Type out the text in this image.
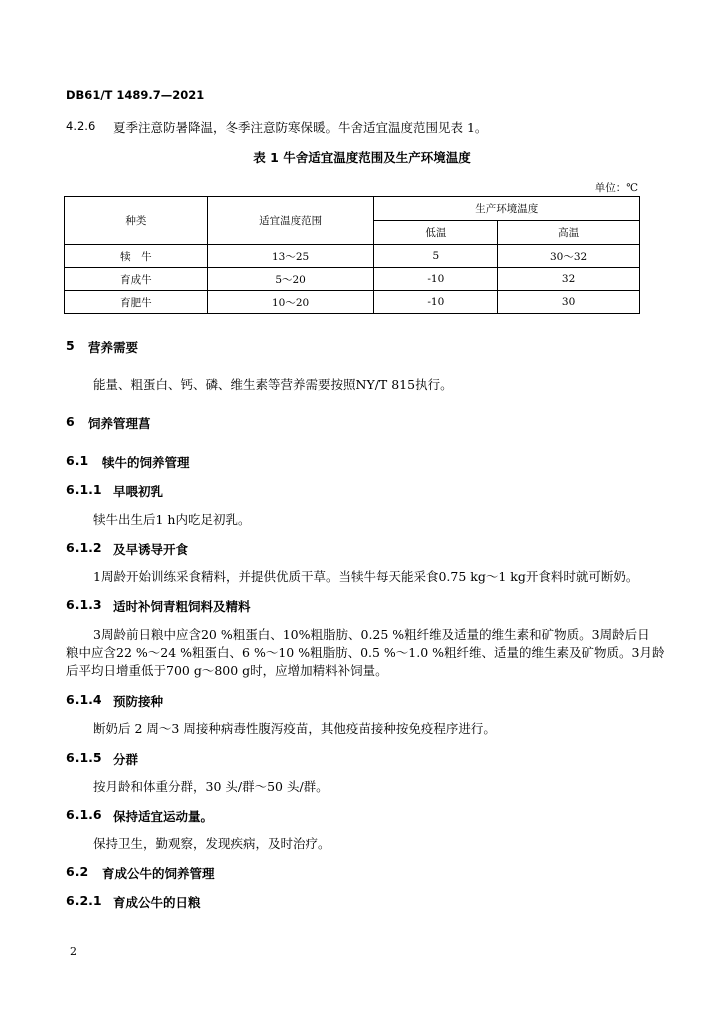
DB61/T 1489.7—2021
4.2.6 夏季注意防暑降温，冬季注意防寒保暖。牛舍适宜温度范围见表 1。
表 1 牛舍适宜温度范围及生产环境温度
单位：℃
种类	适宜温度范围	生产环境温度	
		低温	高温
犊　牛	13～25	5	30～32
育成牛	5～20	-10	32
育肥牛	10～20	-10	30
5 营养需要
能量、粗蛋白、钙、磷、维生素等营养需要按照NY/T 815执行。
6 饲养管理菖
6.1 犊牛的饲养管理
6.1.1 早喂初乳
犊牛出生后1 h内吃足初乳。
6.1.2 及早诱导开食
1周龄开始训练采食精料，并提供优质干草。当犊牛每天能采食0.75 kg～1 kg开食料时就可断奶。
6.1.3 适时补饲青粗饲料及精料
3周龄前日粮中应含20 %粗蛋白、10%粗脂肪、0.25 %粗纤维及适量的维生素和矿物质。3周龄后日
粮中应含22 %～24 %粗蛋白、6 %～10 %粗脂肪、0.5 %～1.0 %粗纤维、适量的维生素及矿物质。3月龄
后平均日增重低于700 g～800 g时，应增加精料补饲量。
6.1.4 预防接种
断奶后 2 周～3 周接种病毒性腹泻疫苗，其他疫苗接种按免疫程序进行。
6.1.5 分群
按月龄和体重分群，30 头/群～50 头/群。
6.1.6 保持适宜运动量。
保持卫生，勤观察，发现疾病，及时治疗。
6.2 育成公牛的饲养管理
6.2.1 育成公牛的日粮
2
